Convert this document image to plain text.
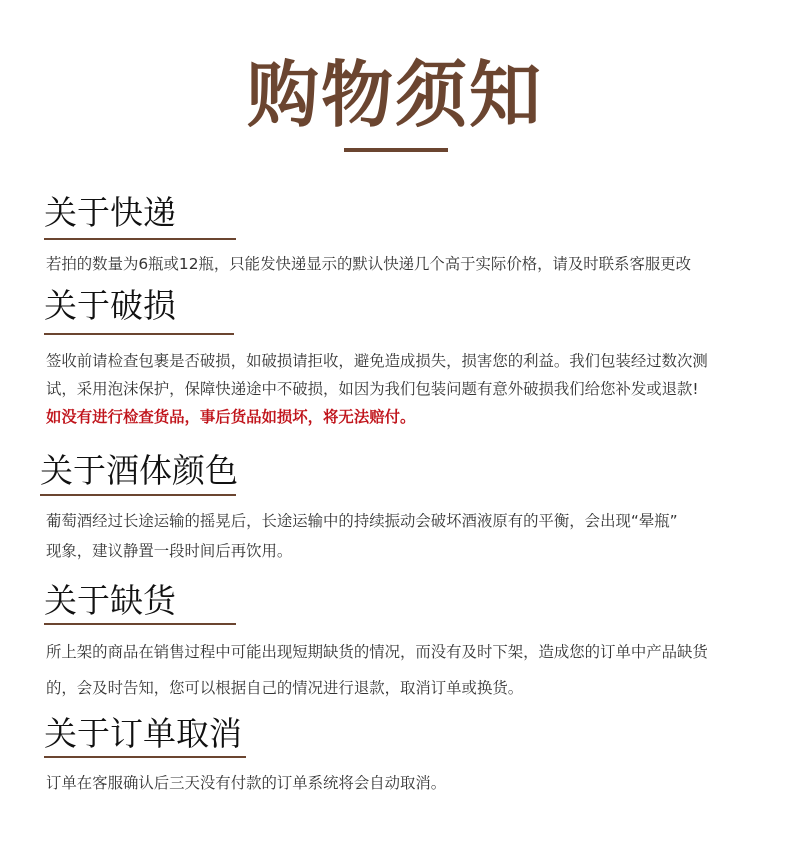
购物须知
关于快递

若拍的数量为6瓶或12瓶，只能发快递显示的默认快递几个高于实际价格，请及时联系客服更改

关于破损

签收前请检查包裹是否破损，如破损请拒收，避免造成损失，损害您的利益。我们包装经过数次测

试，采用泡沫保护，保障快递途中不破损，如因为我们包装问题有意外破损我们给您补发或退款!

如没有进行检查货品，事后货品如损坏，将无法赔付。

关于酒体颜色

葡萄酒经过长途运输的摇晃后，长途运输中的持续振动会破坏酒液原有的平衡，会出现“晕瓶”

现象，建议静置一段时间后再饮用。

关于缺货

所上架的商品在销售过程中可能出现短期缺货的情况，而没有及时下架，造成您的订单中产品缺货

的，会及时告知，您可以根据自己的情况进行退款，取消订单或换货。

关于订单取消

订单在客服确认后三天没有付款的订单系统将会自动取消。
